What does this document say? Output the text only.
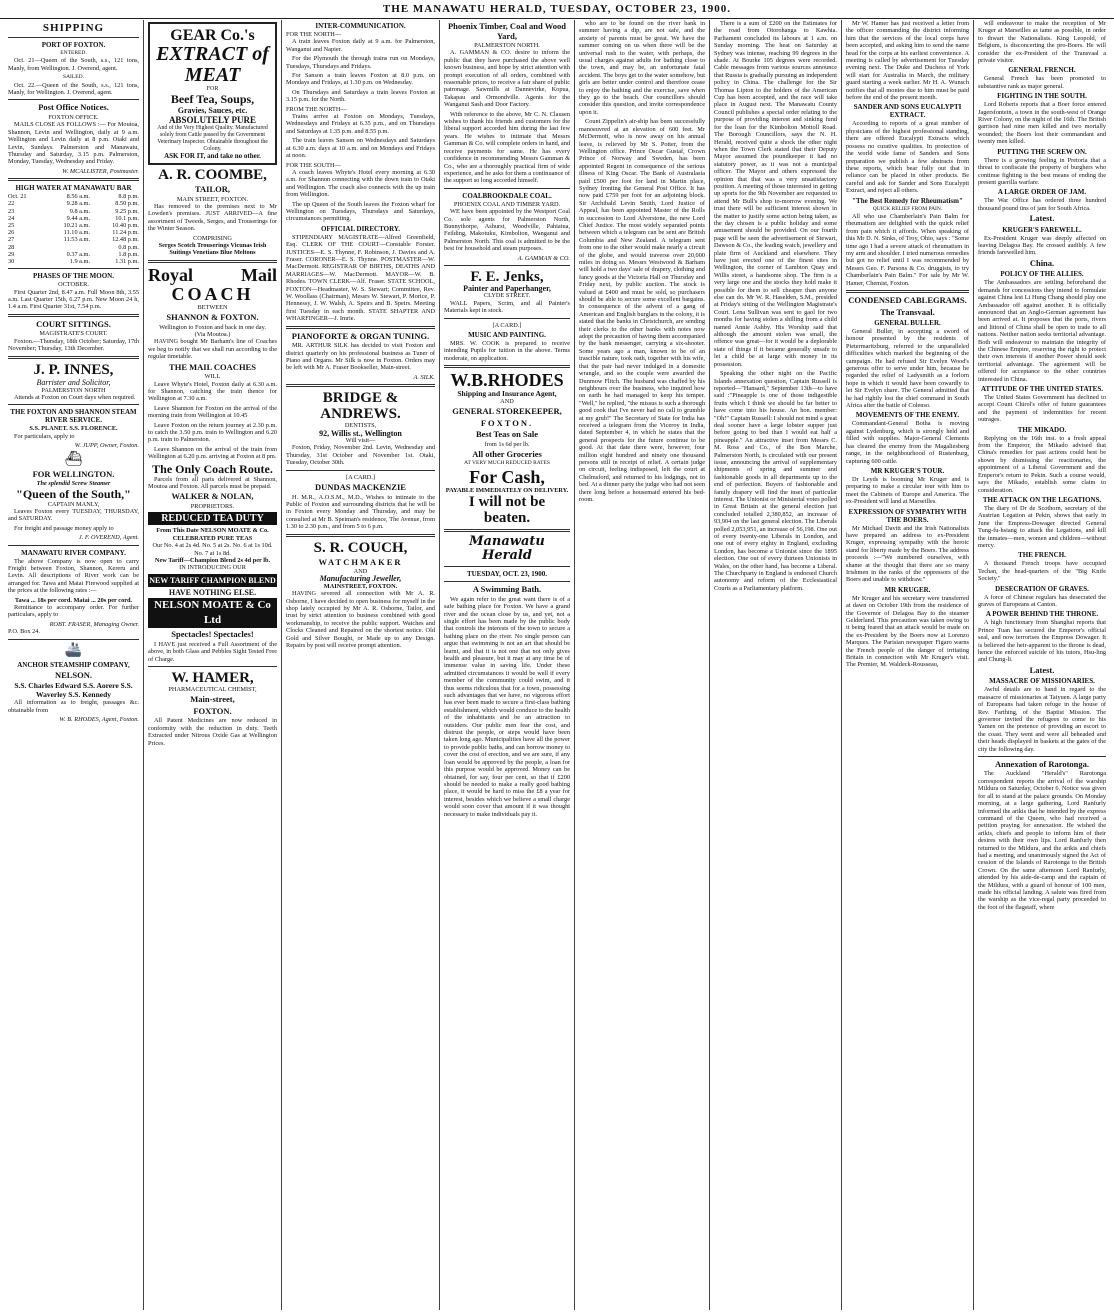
THE MANAWATU HERALD, TUESDAY, OCTOBER 23, 1900.
SHIPPING
PORT OF FOXTON.
ENTERED.

Oct. 21—Queen of the South, s.s., 121 tons, Manly, from Wellington. J. Overend, agent.

SAILED.

Oct. 22.—Queen of the South, s.s., 121 tons, Manly, for Wellington. J. Overend, agent.

Post Office Notices.
FOXTON OFFICE.

MAILS CLOSE AS FOLLOWS :— For Moutoa, Shannon, Levin and Wellington, daily at 9 a.m. Wellington and Levin daily at 8 p.m. Otaki and Levin, Sundays. Palmerston and Manawatu, Thursday and Saturday, 3.15 p.m. Palmerston, Monday, Tuesday, Wednesday and Friday.

W. MCALLISTER, Postmaster.
HIGH WATER AT MANAWATU BAR
Oct. 21	8.56 a.m.	8.8 p.m.
22	9.28 a.m.	8.50 p.m.
23	9.8 a.m.	9.25 p.m.
24	9.44 a.m.	10.1 p.m.
25	10.21 a.m.	10.40 p.m.
26	11.10 a.m.	11.24 p.m.
27	11.53 a.m.	12.48 p.m.
28		0.8 p.m.
29	0.37 a.m.	1.8 p.m.
30	1.9 a.m.	1.31 p.m.
PHASES OF THE MOON.
OCTOBER.

First Quarter 2nd, 8.47 a.m. Full Moon 8th, 3.55 a.m. Last Quarter 15th, 6.27 p.m. New Moon 24 h, 1.4 a.m. First Quarter 31st, 7.54 p.m.

COURT SITTINGS.
MAGISTRATE'S COURT.

Foxton.—Thursday, 18th October; Saturday, 17th November; Thursday, 13th December.

J. P. INNES,
Barrister and Solicitor,
PALMERSTON NORTH

Attends at Foxton on Court days when required.

THE FOXTON AND SHANNON STEAM RIVER SERVICE.
S.S. PLANET. S.S. FLORENCE.

For particulars, apply to

W. JUPP, Owner, Foxton.
⛴
FOR WELLINGTON.
The splendid Screw Steamer
"Queen of the South,"
CAPTAIN MANLY,

Leaves Foxton every TUESDAY, THURSDAY, and SATURDAY.

For freight and passage money apply to

J. F. OVEREND, Agent.
MANAWATU RIVER COMPANY.

The above Company is now open to carry Freight between Foxton, Shannon, Kereru and Levin. All descriptions of River work can be arranged for. Tawa and Matai Firewood supplied at the prices at the following rates :—

Tawa ... 18s per cord. Matai ... 20s per cord.

Remittance to accompany order. For further particulars, apply to

ROBT. FRASER, Managing Owner.
P.O. Box 24.
🚢
ANCHOR STEAMSHIP COMPANY,
NELSON.
S.S. Charles Edward S.S. Aorere S.S. Waverley S.S. Kennedy

All information as to freight, passages &c. obtainable from

W. B. RHODES, Agent, Foxton.
GEAR Co.'s
EXTRACT of MEAT
FOR
Beef Tea, Soups,
Gravies, Sauces, etc.
ABSOLUTELY PURE
And of the Very Highest Quality. Manufactured solely from Cattle passed by the Government Veterinary Inspector. Obtainable throughout the Colony.
ASK FOR IT, and take no other.
A. R. COOMBE,
TAILOR,
MAIN STREET, FOXTON.

Has removed to the premises next to Mr Lowden's premises. JUST ARRIVED—A fine assortment of Tweeds, Serges, and Trouserings for the Winter Season.

COMPRISING
Serges Scotch Trouserings Vicunas Irish Suitings Venetians Blue Meltons
Royal	Mail
COACH
BETWEEN
SHANNON & FOXTON.
Wellington to Foxton and back in one day.
(Via Moutoa.)

HAVING bought Mr Barham's line of Coaches we beg to notify that we shall run according to the regular timetable.

THE MAIL COACHES
WILL

Leave Whyte's Hotel, Foxton daily at 6.30 a.m. for Shannon, catching the train thence for Wellington at 7.30 a.m.

Leave Shannon for Foxton on the arrival of the morning train from Wellington at 10.45

Leave Foxton on the return journey at 2.30 p.m. to catch the 3.50 p.m. train to Wellington and 6.20 p.m. train to Palmerston.

Leave Shannon on the arrival of the train from Wellington at 6.20 p.m. arriving at Foxton at 8 pm.

The Only Coach Route.

Parcels from all parts delivered at Shannon, Moutoa and Foxton. All parcels must be prepaid.

WALKER & NOLAN,
PROPRIETORS.
REDUCED TEA DUTY
From This Date NELSON MOATE & Co. CELEBRATED PURE TEAS
Our No. 4 at 2s 4d. No. 5 at 2s. No. 6 at 1s 10d. No. 7 at 1s 8d.
New Tariff—Champion Blend 2s 4d per lb.
IN INTRODUCING OUR
NEW TARIFF CHAMPION BLEND
HAVE NOTHING ELSE.
NELSON MOATE & Co Ltd
Spectacles! Spectacles!

I HAVE just received a Full Assortment of the above, in both Glass and Pebbles Sight Tested Free of Charge.

W. HAMER,
PHARMACEUTICAL CHEMIST,
Main-street,
FOXTON.

All Patent Medicines are now reduced in conformity with the reduction in duty. Teeth Extracted under Nitrous Oxide Gas at Wellington Prices.

INTER-COMMUNICATION.
FOR THE NORTH—

A train leaves Foxton daily at 9 a.m. for Palmerston, Wanganui and Napier.

For the Plymouth the through trains run on Mondays, Tuesdays, Thursdays and Fridays.

For Sanson a train leaves Foxton at 8.0 p.m. on Mondays and Fridays, at 1.30 p.m. on Wednesday.

On Thursdays and Saturdays a train leaves Foxton at 3.15 p.m. for the North.

FROM THE NORTH—

Trains arrive at Foxton on Mondays, Tuesdays, Wednesdays and Fridays at 6.35 p.m., and on Thursdays and Saturdays at 1.35 p.m. and 8.55 p.m.

The train leaves Sanson on Wednesdays and Saturdays at 6.30 a.m. days at 10 a.m. and on Mondays and Fridays at noon.

FOR THE SOUTH—

A coach leaves Whyte's Hotel every morning at 6.30 a.m. for Shannon connecting with the down train to Otaki and Wellington. The coach also connects with the up train from Wellington.

The up Queen of the South leaves the Foxton wharf for Wellington on Tuesdays, Thursdays and Saturdays, circumstances permitting.

OFFICIAL DIRECTORY.

STIPENDIARY MAGISTRATE—Alfred Greenfield, Esq. CLERK OF THE COURT—Constable Forster. JUSTICES—E. S. Thynne, F. Robinson, J. Davies and A. Fraser. CORONER—E. S. Thynne. POSTMASTER—W. MacDermott. REGISTRAR OF BIRTHS, DEATHS AND MARRIAGES—W. MacDermott. MAYOR—W. B. Rhodes. TOWN CLERK—Alf. Fraser. STATE SCHOOL, FOXTON—Headmaster, W. S. Stewart; Committee, Rev. W. Woollass (Chairman), Messrs W. Stewart, P. Morice, P. Hennessy, J. W. Walsh, A. Speirs and B. Speirs. Meeting first Tuesday in each month. STATE SHAPTER AND WHARFINGER—J. Imrie.

PIANOFORTE & ORGAN TUNING.

MR. ARTHUR SILK has decided to visit Foxton and district quarterly on his professional business as Tuner of Piano and Organs. Mr Silk is now in Foxton. Orders may be left with Mr A. Fraser Bookseller, Main-street.

A. SILK.
BRIDGE & ANDREWS.
DENTISTS,
92, Willis st., Wellington
Will visit—

Foxton, Friday, November 2nd. Levin, Wednesday and Thursday, 31st October and November 1st. Otaki, Tuesday, October 30th.

[A CARD.]
DUNDAS MACKENZIE

H. M.R., A.O.S.M., M.D., Wishes to intimate to the Public of Foxton and surrounding districts that he will be in Foxton every Monday and Thursday, and may be consulted at Mr B. Speiman's residence, The Avenue, from 1.30 to 2.30 p.m., and from 5 to 6 p.m.

S. R. COUCH,
WATCHMAKER
AND
Manufacturing Jeweller,
MAINSTREET, FOXTON.

HAVING severed all connection with Mr A. R. Osborne, I have decided to open business for myself in the shop lately occupied by Mr A. R. Osborne, Tailor, and trust by strict attention to business combined with good workmanship, to receive the public support. Watches and Clocks Cleaned and Repaired on the shortest notice. Old Gold and Silver Bought, or Made up to any Design. Repairs by post will receive prompt attention.

Phoenix Timber, Coal and Wood Yard,
PALMERSTON NORTH.

A. GAMMAN & CO. desire to inform the public that they have purchased the above well known business, and hope by strict attention with prompt execution of all orders, combined with reasonable prices, to receive a fair share of public patronage. Sawmills at Dannevirke, Kopua, Takapau and Ormondville. Agents for the Wanganui Sash and Door Factory.

With reference to the above, Mr C. N. Clausen wishes to thank his friends and customers for the liberal support accorded him during the last few years. He wishes to intimate that Messrs Gamman & Co. will complete orders in hand, and receive payments for same. He has every confidence in recommending Messrs Gamman & Co., who are a thoroughly practical firm of wide experience, and he asks for them a continuance of the support so long accorded himself.

COALBROOKDALE COAL.
PHOENIX COAL AND TIMBER YARD.

WE have been appointed by the Westport Coal Co. sole agents for Palmerston North, Bunnythorpe, Ashurst, Woodville, Pahiatua, Feilding, Makotuku, Kimbolton, Wanganui and Palmerston North. This coal is admitted to be the best for household and steam purposes.

A. GAMMAN & CO.
F. E. Jenks,
Painter and Paperhanger,
CLYDE STREET.

WALL Papers, Scrim, and all Painter's Materials kept in stock.

[A CARD.]
MUSIC AND PAINTING.

MRS. W. COOK is prepared to receive intending Pupils for tuition in the above. Terms moderate, on application.

W.B.RHODES
Shipping and Insurance Agent,
AND
GENERAL STOREKEEPER,
FOXTON.
Best Teas on Sale
from 1s 6d per lb.
All other Groceries
AT VERY MUCH REDUCED RATES
For Cash,
PAYABLE IMMEDIATELY ON DELIVERY.
I will not be beaten.
Manawatu Herald
TUESDAY, OCT. 23, 1900.
A Swimming Bath.

We again refer to the great want there is of a safe bathing place for Foxton. We have a grand river and the ocean close by us, and yet, not a single effort has been made by the public body that controls the interests of the town to secure a bathing place on the river. No single person can argue that swimming is not an art that should be learnt, and that it is not one that not only gives health and pleasure, but it may at any time be of immense value in saving life. Under these admitted circumstances it would be well if every member of the community could swim, and it thus seems ridiculous that for a town, possessing such advantages that we have, no vigorous effort has ever been made to secure a first-class bathing establishment, which would conduce to the health of the inhabitants and be an attraction to outsiders. Our public men fear the cost, and distrust the people, or steps would have been taken long ago. Municipalities have all the power to provide public baths, and can borrow money to cover the cost of erection, and we are sure, if any loan would be approved by the people, a loan for this purpose would be approved. Money can be obtained, for say, four per cent, so that if £200 should be needed to make a really good bathing place, it would be hard to miss the £8 a year for interest, besides which we believe a small charge would soon cover that amount if it was thought necessary to make individuals pay it.

who are to be found on the river bank in summer having a dip, are not safe, and the anxiety of parents must be great. We have the summer coming on us when there will be the universal rush to the water, with perhaps, the usual charges against adults for bathing close to the town, and may be, an unfortunate fatal accident. The boys get to the water somehow, but girls are better under control and therefore cease to enjoy the bathing and the exercise, save when they go to the beach. Our councillors should consider this question, and invite correspondence upon it.

Count Zippelin's air-ship has been successfully manoeuvred at an elevation of 600 feet. Mr McDermott, who is now away on his annual leave, is relieved by Mr S. Potter, from the Wellington office. Prince Oscar Gustaf, Crown Prince of Norway and Sweden, has been appointed Regent in consequence of the serious illness of King Oscar. The Bank of Australasia paid £500 per foot for land in Martin place, Sydney fronting the General Post Office. It has now paid £759 per foot for an adjoining block. Sir Archibald Levin Smith, Lord Justice of Appeal, has been appointed Master of the Rolls in succession to Lord Alverstone, the new Lord Chief Justice. The most widely separated points between which a telegram can be sent are British Columbia and New Zealand. A telegram sent from one to the other would make nearly a circuit of the globe, and would traverse over 20,000 miles in doing so. Messrs Westwood & Barham will hold a two days' sale of drapery, clothing and fancy goods at the Victoria Hall on Thursday and Friday next, by public auction. The stock is valued at £400 and must be sold, so purchasers should be able to secure some excellent bargains. In consequence of the advent of a gang of American and English burglars in the colony, it is stated that the banks in Christchurch, are sending their clerks to the other banks with notes now adopt the precaution of having them accompanied by the bank messenger, carrying a six-shooter. Some years ago a man, known to be of an irascible nature, took oath, together with his wife, that the pair had never indulged in a domestic wrangle, and so the couple were awarded the Dunmow Flitch. The husband was chaffed by his neighbours over the business, who inquired how on earth he had managed to keep his temper. "Well," he replied, "the missus is such a thorough good cook that I've never had no call to grumble at my grub!" The Secretary of State for India has received a telegram from the Viceroy in India, dated September 4, in which he states that the general prospects for the future continue to be good. At that date there were, however, four million eight hundred and ninety one thousand persons still in receipt of relief. A certain judge on circuit, feeling indisposed, left the court at Chelmsford, and returned to his lodgings, not to bed. At a dinner party the judge who had not seen there long before a housemaid entered his bed-room.

There is a sum of £200 on the Estimates for the road from Otorohanga to Kawhia. Parliament concluded its labours at 1 a.m. on Sunday morning. The heat on Saturday at Sydney was intense, reaching 99 degrees in the shade. At Bourke 105 degrees were recorded. Cable messages from various sources announce that Russia is gradually pursuing an independent policy in China. The challenge for the Sir Thomas Lipton to the holders of the American Cup has been accepted, and the race will take place in August next. The Manawatu County Council publishes a special order relating to the purpose of providing interest and sinking fund for the loan for the Kimbolton Mottoll Road. The Borough Councillors, says the N. H. Herald, received quite a shock the other night when the Town Clerk stated that their Deputy Mayor assumed the poundkeeper it had no statutory power, as it was not a municipal officer. The Mayor and others expressed the opinion that that was a very unsatisfactory position. A meeting of those interested in getting up sports for the 9th November are requested to attend Mr Bull's shop to-morrow evening. We trust there will be sufficient interest shown in the matter to justify some action being taken, as the day chosen is a public holiday and some amusement should be provided. On our fourth page will be seen the advertisement of Stewart, Dawson & Co., the leading watch, jewellery and plate firm of Auckland and elsewhere. They have just erected one of the finest sites in Wellington, the corner of Lambton Quay and Willis street, a handsome shop. The firm is a very large one and the stocks they hold make it possible for them to sell cheaper than anyone else can do. Mr W. R. Haselden, S.M., presided at Friday's sitting of the Wellington Magistrate's Court. Lena Sullivan was sent to gaol for two months for having stolen a shilling from a child named Annie Ashby. His Worship said that although the amount stolen was small, the offence was great—for it would be a deplorable state of things if it became generally unsafe to let a child be at large with money in its possession.

Speaking the other night on the Pacific Islands annexation question, Captain Russell is reported—"Hansard," September 13th—to have said :"Pineapple is one of those indigestible fruits which I think we should be far better to have come into his house. An hon. member: "Oh!" Captain Russell: I should not mind a great deal sooner have a large lobster supper just before going to bed than I would eat half a pineapple." An attractive inset from Messrs C. M. Ross and Co., of the Bon Marche, Palmerston North, is circulated with our present issue, announcing the arrival of supplementary shipments of spring and summer and fashionable goods in all departments up to the end of perfection. Buyers of fashionable and family drapery will find the inset of particular interest. The Unionist or Ministerial votes polled in Great Britain at the general election just concluded totalled 2,380,852, an increase of 93,904 on the last general election. The Liberals polled 2,053,951, an increase of 56,198. One out of every twenty-one Liberals in London, and one out of every eighty in England, excluding London, has become a Unionist since the 1895 election. One out of every thirteen Unionists in Wales, on the other hand, has become a Liberal. The Churchparty in England is endorsed Church autonomy and reform of the Ecclesiastical Courts as a Parliamentary platform.

Mr W. Hamer has just received a letter from the officer commanding the district informing him that the services of the local corps have been accepted, and asking him to send the name head for the corps at his earliest convenience. A meeting is called by advertisement for Tuesday evening next. The Duke and Duchess of York will start for Australia in March, the military guard starting a week earlier. Mr H. A. Wunsch notifies that all monies due to him must be paid before the end of the present month.

SANDER AND SONS EUCALYPTI EXTRACT.

According to reports of a great number of physicians of the highest professional standing, there are offered Eucalypti Extracts which possess no curative qualities. In protection of the world wide fame of Sanders and Sons preparation we publish a few abstracts from these reports, which bear fully out that in reliance can be placed in other products. Be careful and ask for Sander and Sons Eucalypti Extract, and reject all others.

"The Best Remedy for Rheumatism"
QUICK RELIEF FROM PAIN.

All who use Chamberlain's Pain Balm for rheumatism are delighted with the quick relief from pain which it affords. When speaking of this Mr D. N. Sinks, of Troy, Ohio, says : "Some time ago I had a severe attack of rheumatism in my arm and shoulder. I tried numerous remedies but got no relief until I was recommended by Messrs Geo. F. Parsons & Co. druggists, to try Chamberlain's Pain Balm." For sale by Mr W. Hamer, Chemist, Foxton.

CONDENSED CABLEGRAMS.
The Transvaal.
GENERAL BULLER.

General Buller, in accepting a sword of honour presented by the residents of Pietermaritzburg, referred to the unparalleled difficulties which marked the beginning of the campaign. He had refused Sir Evelyn Wood's generous offer to serve under him, because he regarded the relief of Ladysmith as a forlorn hope in which it would have been cowardly to let Sir Evelyn share. The General admitted that he had rightly lost the chief command in South Africa after the battle of Colenso.

MOVEMENTS OF THE ENEMY.

Commandant-General Botha is moving against Lydenburg, which is strongly held and filled with supplies. Major-General Clements has cleared the enemy from the Magaliesberg range, in the neighbourhood of Rustenburg, capturing 600 cattle.

MR KRUGER'S TOUR.

Dr Leyds is booming Mr Kruger and is preparing to make a circular tour with him to meet the Cabinets of Europe and America. The ex-President will land at Marseilles.

EXPRESSION OF SYMPATHY WITH THE BOERS.

Mr Michael Davitt and the Irish Nationalists have prepared an address to ex-President Kruger, expressing sympathy with the heroic stand for liberty made by the Boers. The address proceeds :—"We numbered ourselves, with shame at the thought that there are so many Irishmen in the ranks of the oppressors of the Boers and unable to withdraw."

MR KRUGER.

Mr Kruger and his secretary were transferred at dawn on October 19th from the residence of the Governor of Delagoa Bay to the steamer Gelderland. This precaution was taken owing to it being feared that an attack would be made on the ex-President by the Boers now at Lorenzo Marques. The Parisian newspaper Figaro warns the French people of the danger of irritating Britain in connection with Mr Kruger's visit. The Premier, M. Waldeck-Rousseau,

will endeavour to make the reception of Mr Kruger at Marseilles as tame as possible, in order to thwart the Nationalists. King Leopold, of Belgium, is disconcerting the pro-Boers. He will consider the ex-President of the Transvaal a private visitor.

GENERAL FRENCH.

General French has been promoted to substantive rank as major general.

FIGHTING IN THE SOUTH.

Lord Roberts reports that a Boer force entered Jagersfontein, a town in the south-west of Orange River Colony, on the night of the 16th. The British garrison had nine men killed and two mortally wounded; the Boers lost their commandant and twenty men killed.

PUTTING THE SCREW ON.

There is a growing feeling in Pretoria that a threat to confiscate the property of burghers who continue fighting is the best means of ending the present guerilla warfare.

A LARGE ORDER OF JAM.

The War Office has ordered three hundred thousand pound tins of jam for South Africa.

Latest.
KRUGER'S FAREWELL.

Ex-President Kruger was deeply affected on leaving Delagoa Bay. He crossed audibly. A few friends farewelled him.

China.
POLICY OF THE ALLIES.

The Ambassadors are settling beforehand the demands for concessions they intend to formulate against China lest Li Hung Chang should play one Ambassador off against another. It is officially announced that an Anglo-German agreement has been arrived at. It proposes that the ports, rivers and littoral of China shall be open to trade to all nations. Neither nation seeks territorial advantage. Both will endeavour to maintain the integrity of the Chinese Empire, reserving the right to protect their own interests if another Power should seek territorial advantage. The agreement will be offered for acceptance to the other countries interested in China.

ATTITUDE OF THE UNITED STATES.

The United States Government has declined to accept Count Chirol's offer of future guarantees and the payment of indemnities for recent outrages.

THE MIKADO.

Replying on the 16th inst. to a fresh appeal from the Emperor, the Mikado advised that China's remedies for past actions could best be shown by dismissing the reactionaries, the appointment of a Liberal Government and the Emperor's return to Pekin. Such a course would, says the Mikado, establish some claim to consideration.

THE ATTACK ON THE LEGATIONS.

The diary of Dr de Scothorn, secretary of the Austrian Legation at Pekin, shows that early in June the Empress-Dowager directed General Tung-fu-hsiang to attack the Legations, and kill the inmates—men, women and children—without mercy.

THE FRENCH.

A thousand French troops have occupied Techan, the head-quarters of the "Big Knife Society."

DESECRATION OF GRAVES.

A force of Chinese regulars has desecrated the graves of Europeans at Canton.

A POWER BEHIND THE THRONE.

A high functionary from Shanghai reports that Prince Tuan has secured the Emperor's official seal, and now terrorises the Empress Dowager. It is believed the heir-apparent to the throne is dead, hence the enforced suicide of his tutors, Hsu-ling and Chung-li.

Latest.
MASSACRE OF MISSIONARIES.

Awful details are to hand in regard to the massacre of missionaries at Taiyuen. A large party of Europeans had taken refuge in the house of Rev. Farthing, of the Baptist Mission. The governor invited the refugees to come to his Yamen on the pretence of providing an escort to the coast. They went and were all beheaded and their heads displayed in baskets at the gates of the city the following day.

Annexation of Rarotonga.

The Auckland "Herald's" Rarotonga correspondent reports the arrival of the warship Mildura on Saturday, October 6. Notice was given for all to stand at the palace grounds. On Monday morning, at a large gathering, Lord Ranfurly informed the arikis that he intended by the express command of the Queen, who had received a petition praying for annexation. He wished the arikis, chiefs and people to inform him of their desires with their own lips. Lord Ranfurly then returned to the Mildura, and the arikis and chiefs had a meeting, and unanimously signed the Act of cession of the Islands of Rarotonga to the British Crown. On the same afternoon Lord Ranfurly, attended by his aide-de-camp and the captain of the Mildura, with a guard of honour of 100 men, made his official landing. A salute was fired from the warship as the vice-regal party proceeded to the foot of the flagstaff, where
